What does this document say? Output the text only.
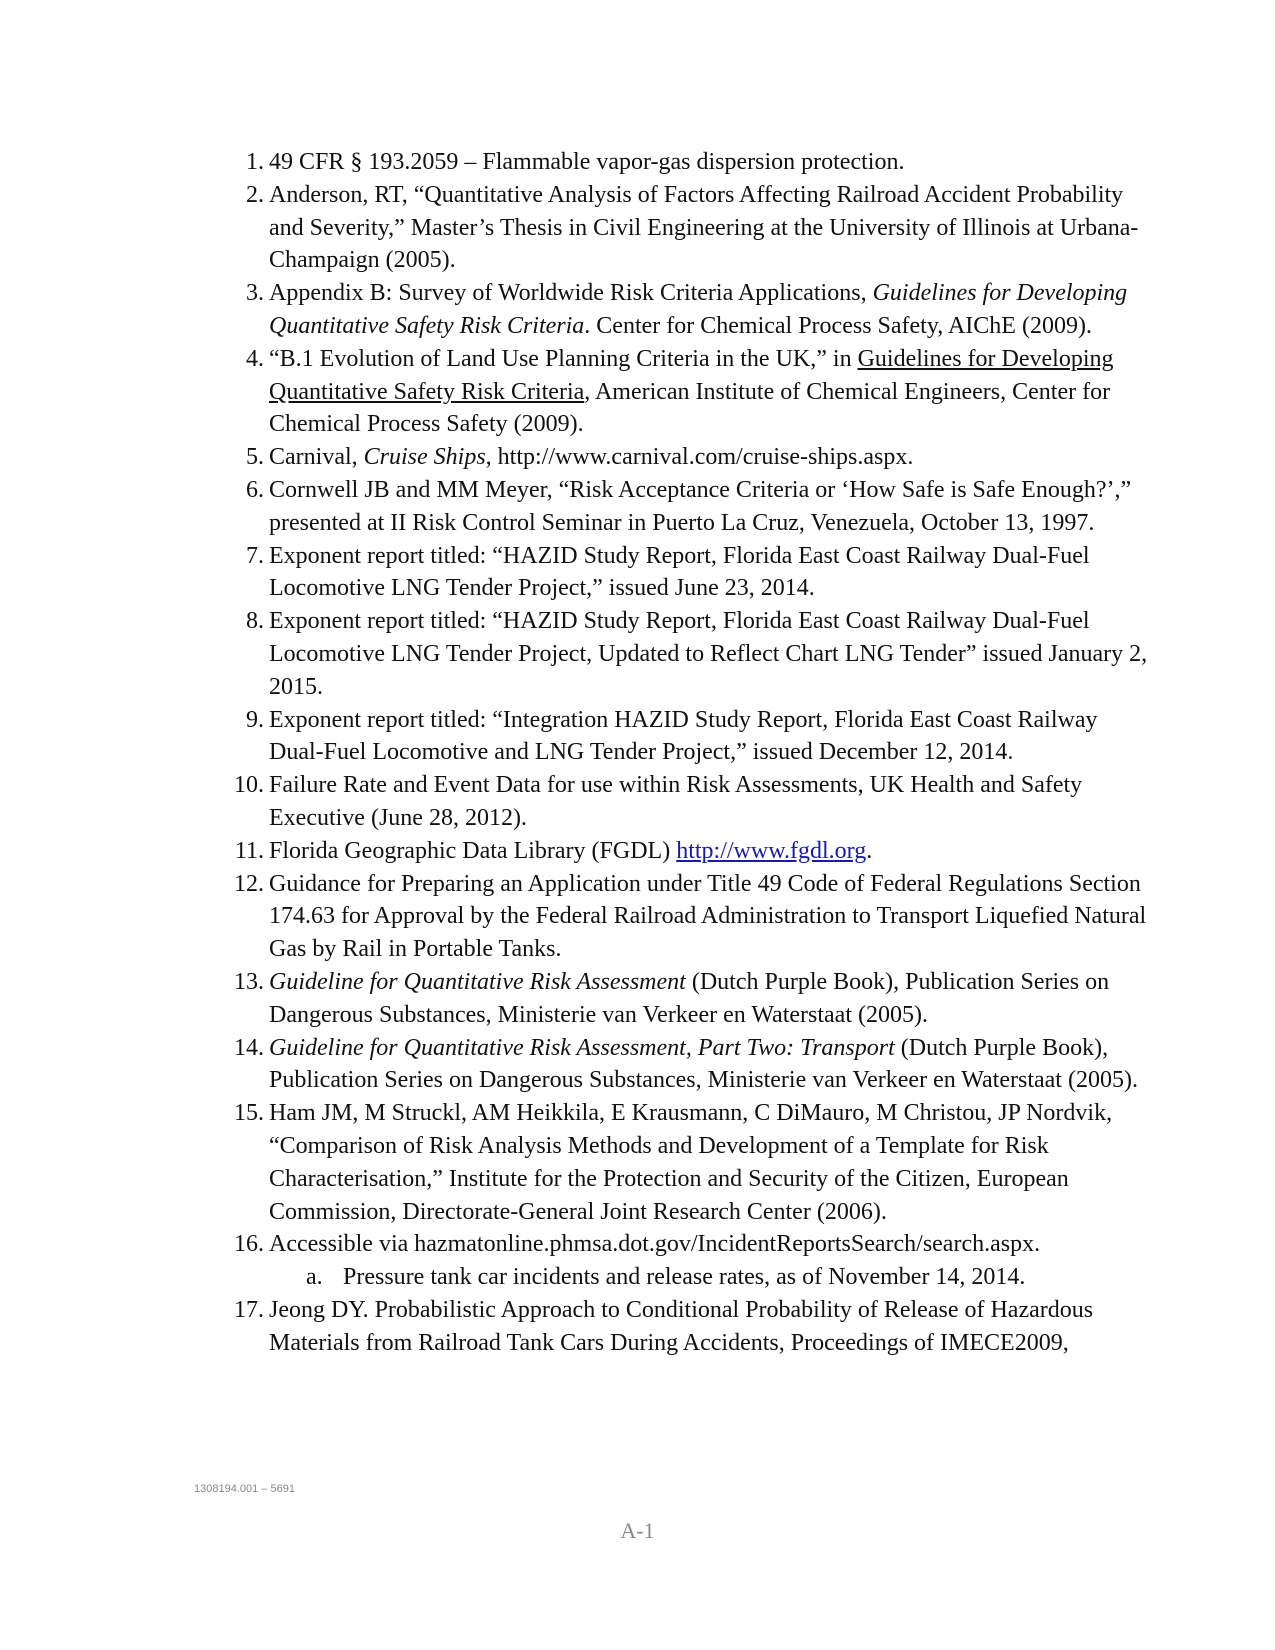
1. 49 CFR § 193.2059 – Flammable vapor-gas dispersion protection.
2. Anderson, RT, “Quantitative Analysis of Factors Affecting Railroad Accident Probability and Severity,” Master’s Thesis in Civil Engineering at the University of Illinois at Urbana-Champaign (2005).
3. Appendix B: Survey of Worldwide Risk Criteria Applications, Guidelines for Developing Quantitative Safety Risk Criteria. Center for Chemical Process Safety, AIChE (2009).
4. “B.1 Evolution of Land Use Planning Criteria in the UK,” in Guidelines for Developing Quantitative Safety Risk Criteria, American Institute of Chemical Engineers, Center for Chemical Process Safety (2009).
5. Carnival, Cruise Ships, http://www.carnival.com/cruise-ships.aspx.
6. Cornwell JB and MM Meyer, “Risk Acceptance Criteria or ‘How Safe is Safe Enough?’,” presented at II Risk Control Seminar in Puerto La Cruz, Venezuela, October 13, 1997.
7. Exponent report titled: “HAZID Study Report, Florida East Coast Railway Dual-Fuel Locomotive LNG Tender Project,” issued June 23, 2014.
8. Exponent report titled: “HAZID Study Report, Florida East Coast Railway Dual-Fuel Locomotive LNG Tender Project, Updated to Reflect Chart LNG Tender” issued January 2, 2015.
9. Exponent report titled: “Integration HAZID Study Report, Florida East Coast Railway Dual-Fuel Locomotive and LNG Tender Project,” issued December 12, 2014.
10. Failure Rate and Event Data for use within Risk Assessments, UK Health and Safety Executive (June 28, 2012).
11. Florida Geographic Data Library (FGDL) http://www.fgdl.org.
12. Guidance for Preparing an Application under Title 49 Code of Federal Regulations Section 174.63 for Approval by the Federal Railroad Administration to Transport Liquefied Natural Gas by Rail in Portable Tanks.
13. Guideline for Quantitative Risk Assessment (Dutch Purple Book), Publication Series on Dangerous Substances, Ministerie van Verkeer en Waterstaat (2005).
14. Guideline for Quantitative Risk Assessment, Part Two: Transport (Dutch Purple Book), Publication Series on Dangerous Substances, Ministerie van Verkeer en Waterstaat (2005).
15. Ham JM, M Struckl, AM Heikkila, E Krausmann, C DiMauro, M Christou, JP Nordvik, “Comparison of Risk Analysis Methods and Development of a Template for Risk Characterisation,” Institute for the Protection and Security of the Citizen, European Commission, Directorate-General Joint Research Center (2006).
16. Accessible via hazmatonline.phmsa.dot.gov/IncidentReportsSearch/search.aspx.
a. Pressure tank car incidents and release rates, as of November 14, 2014.
17. Jeong DY. Probabilistic Approach to Conditional Probability of Release of Hazardous Materials from Railroad Tank Cars During Accidents, Proceedings of IMECE2009,
1308194.001 – 5691
A-1
